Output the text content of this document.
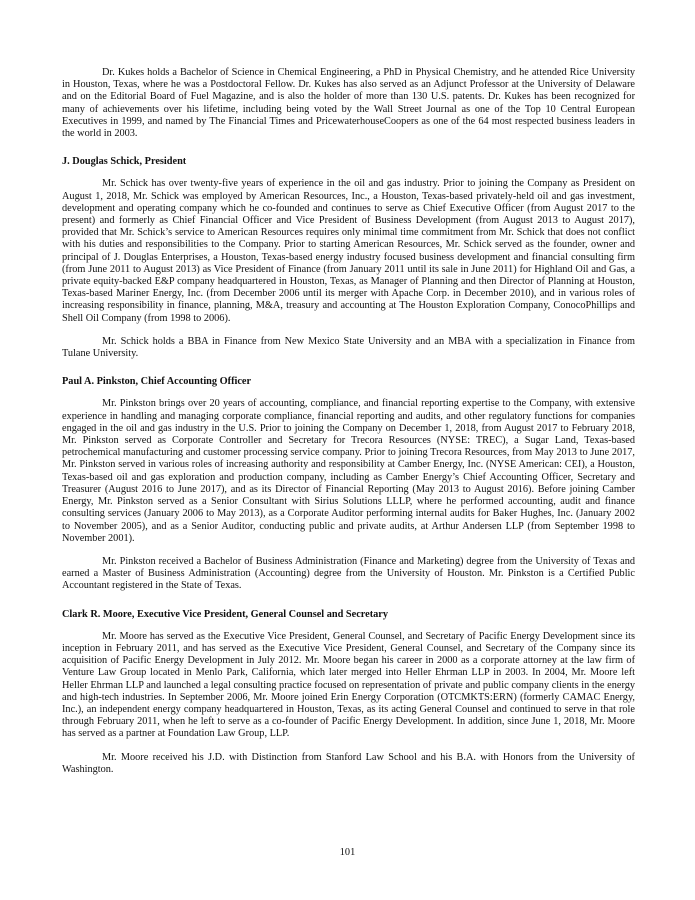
Dr. Kukes holds a Bachelor of Science in Chemical Engineering, a PhD in Physical Chemistry, and he attended Rice University in Houston, Texas, where he was a Postdoctoral Fellow. Dr. Kukes has also served as an Adjunct Professor at the University of Delaware and on the Editorial Board of Fuel Magazine, and is also the holder of more than 130 U.S. patents. Dr. Kukes has been recognized for many of achievements over his lifetime, including being voted by the Wall Street Journal as one of the Top 10 Central European Executives in 1999, and named by The Financial Times and PricewaterhouseCoopers as one of the 64 most respected business leaders in the world in 2003.

J. Douglas Schick, President

Mr. Schick has over twenty-five years of experience in the oil and gas industry. Prior to joining the Company as President on August 1, 2018, Mr. Schick was employed by American Resources, Inc., a Houston, Texas-based privately-held oil and gas investment, development and operating company which he co-founded and continues to serve as Chief Executive Officer (from August 2017 to the present) and formerly as Chief Financial Officer and Vice President of Business Development (from August 2013 to August 2017), provided that Mr. Schick’s service to American Resources requires only minimal time commitment from Mr. Schick that does not conflict with his duties and responsibilities to the Company. Prior to starting American Resources, Mr. Schick served as the founder, owner and principal of J. Douglas Enterprises, a Houston, Texas-based energy industry focused business development and financial consulting firm (from June 2011 to August 2013) as Vice President of Finance (from January 2011 until its sale in June 2011) for Highland Oil and Gas, a private equity-backed E&P company headquartered in Houston, Texas, as Manager of Planning and then Director of Planning at Houston, Texas-based Mariner Energy, Inc. (from December 2006 until its merger with Apache Corp. in December 2010), and in various roles of increasing responsibility in finance, planning, M&A, treasury and accounting at The Houston Exploration Company, ConocoPhillips and Shell Oil Company (from 1998 to 2006).

Mr. Schick holds a BBA in Finance from New Mexico State University and an MBA with a specialization in Finance from Tulane University.

Paul A. Pinkston, Chief Accounting Officer

Mr. Pinkston brings over 20 years of accounting, compliance, and financial reporting expertise to the Company, with extensive experience in handling and managing corporate compliance, financial reporting and audits, and other regulatory functions for companies engaged in the oil and gas industry in the U.S. Prior to joining the Company on December 1, 2018, from August 2017 to February 2018, Mr. Pinkston served as Corporate Controller and Secretary for Trecora Resources (NYSE: TREC), a Sugar Land, Texas-based petrochemical manufacturing and customer processing service company. Prior to joining Trecora Resources, from May 2013 to June 2017, Mr. Pinkston served in various roles of increasing authority and responsibility at Camber Energy, Inc. (NYSE American: CEI), a Houston, Texas-based oil and gas exploration and production company, including as Camber Energy’s Chief Accounting Officer, Secretary and Treasurer (August 2016 to June 2017), and as its Director of Financial Reporting (May 2013 to August 2016). Before joining Camber Energy, Mr. Pinkston served as a Senior Consultant with Sirius Solutions LLLP, where he performed accounting, audit and finance consulting services (January 2006 to May 2013), as a Corporate Auditor performing internal audits for Baker Hughes, Inc. (January 2002 to November 2005), and as a Senior Auditor, conducting public and private audits, at Arthur Andersen LLP (from September 1998 to November 2001).

Mr. Pinkston received a Bachelor of Business Administration (Finance and Marketing) degree from the University of Texas and earned a Master of Business Administration (Accounting) degree from the University of Houston. Mr. Pinkston is a Certified Public Accountant registered in the State of Texas.

Clark R. Moore, Executive Vice President, General Counsel and Secretary

Mr. Moore has served as the Executive Vice President, General Counsel, and Secretary of Pacific Energy Development since its inception in February 2011, and has served as the Executive Vice President, General Counsel, and Secretary of the Company since its acquisition of Pacific Energy Development in July 2012. Mr. Moore began his career in 2000 as a corporate attorney at the law firm of Venture Law Group located in Menlo Park, California, which later merged into Heller Ehrman LLP in 2003. In 2004, Mr. Moore left Heller Ehrman LLP and launched a legal consulting practice focused on representation of private and public company clients in the energy and high-tech industries. In September 2006, Mr. Moore joined Erin Energy Corporation (OTCMKTS:ERN) (formerly CAMAC Energy, Inc.), an independent energy company headquartered in Houston, Texas, as its acting General Counsel and continued to serve in that role through February 2011, when he left to serve as a co-founder of Pacific Energy Development. In addition, since June 1, 2018, Mr. Moore has served as a partner at Foundation Law Group, LLP.

Mr. Moore received his J.D. with Distinction from Stanford Law School and his B.A. with Honors from the University of Washington.

101
